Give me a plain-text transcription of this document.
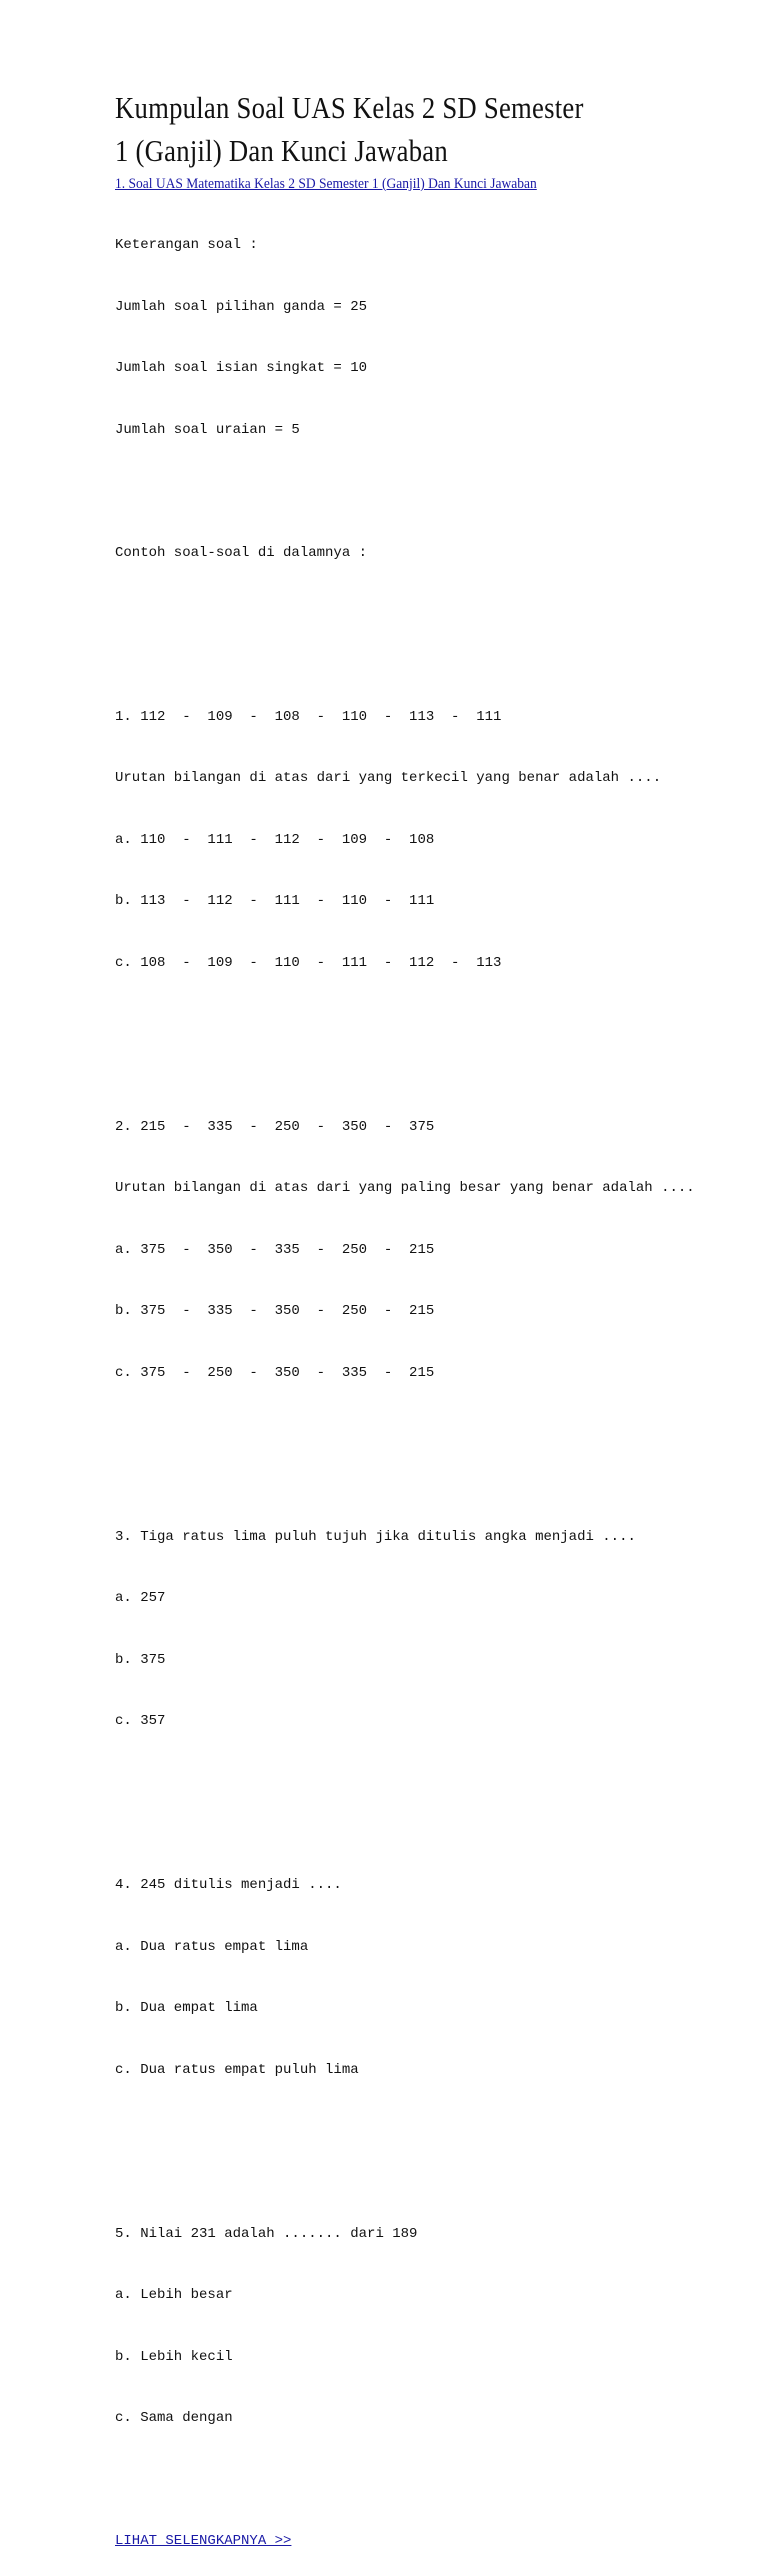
Kumpulan Soal UAS Kelas 2 SD Semester
1 (Ganjil) Dan Kunci Jawaban
1. Soal UAS Matematika Kelas 2 SD Semester 1 (Ganjil) Dan Kunci Jawaban

Keterangan soal :

Jumlah soal pilihan ganda = 25

Jumlah soal isian singkat = 10

Jumlah soal uraian = 5

Contoh soal-soal di dalamnya :

1. 112  -  109  -  108  -  110  -  113  -  111

Urutan bilangan di atas dari yang terkecil yang benar adalah ....

a. 110  -  111  -  112  -  109  -  108

b. 113  -  112  -  111  -  110  -  111

c. 108  -  109  -  110  -  111  -  112  -  113

2. 215  -  335  -  250  -  350  -  375

Urutan bilangan di atas dari yang paling besar yang benar adalah ....

a. 375  -  350  -  335  -  250  -  215

b. 375  -  335  -  350  -  250  -  215

c. 375  -  250  -  350  -  335  -  215

3. Tiga ratus lima puluh tujuh jika ditulis angka menjadi ....

a. 257

b. 375

c. 357

4. 245 ditulis menjadi ....

a. Dua ratus empat lima

b. Dua empat lima

c. Dua ratus empat puluh lima

5. Nilai 231 adalah ....... dari 189

a. Lebih besar

b. Lebih kecil

c. Sama dengan

LIHAT SELENGKAPNYA >>
